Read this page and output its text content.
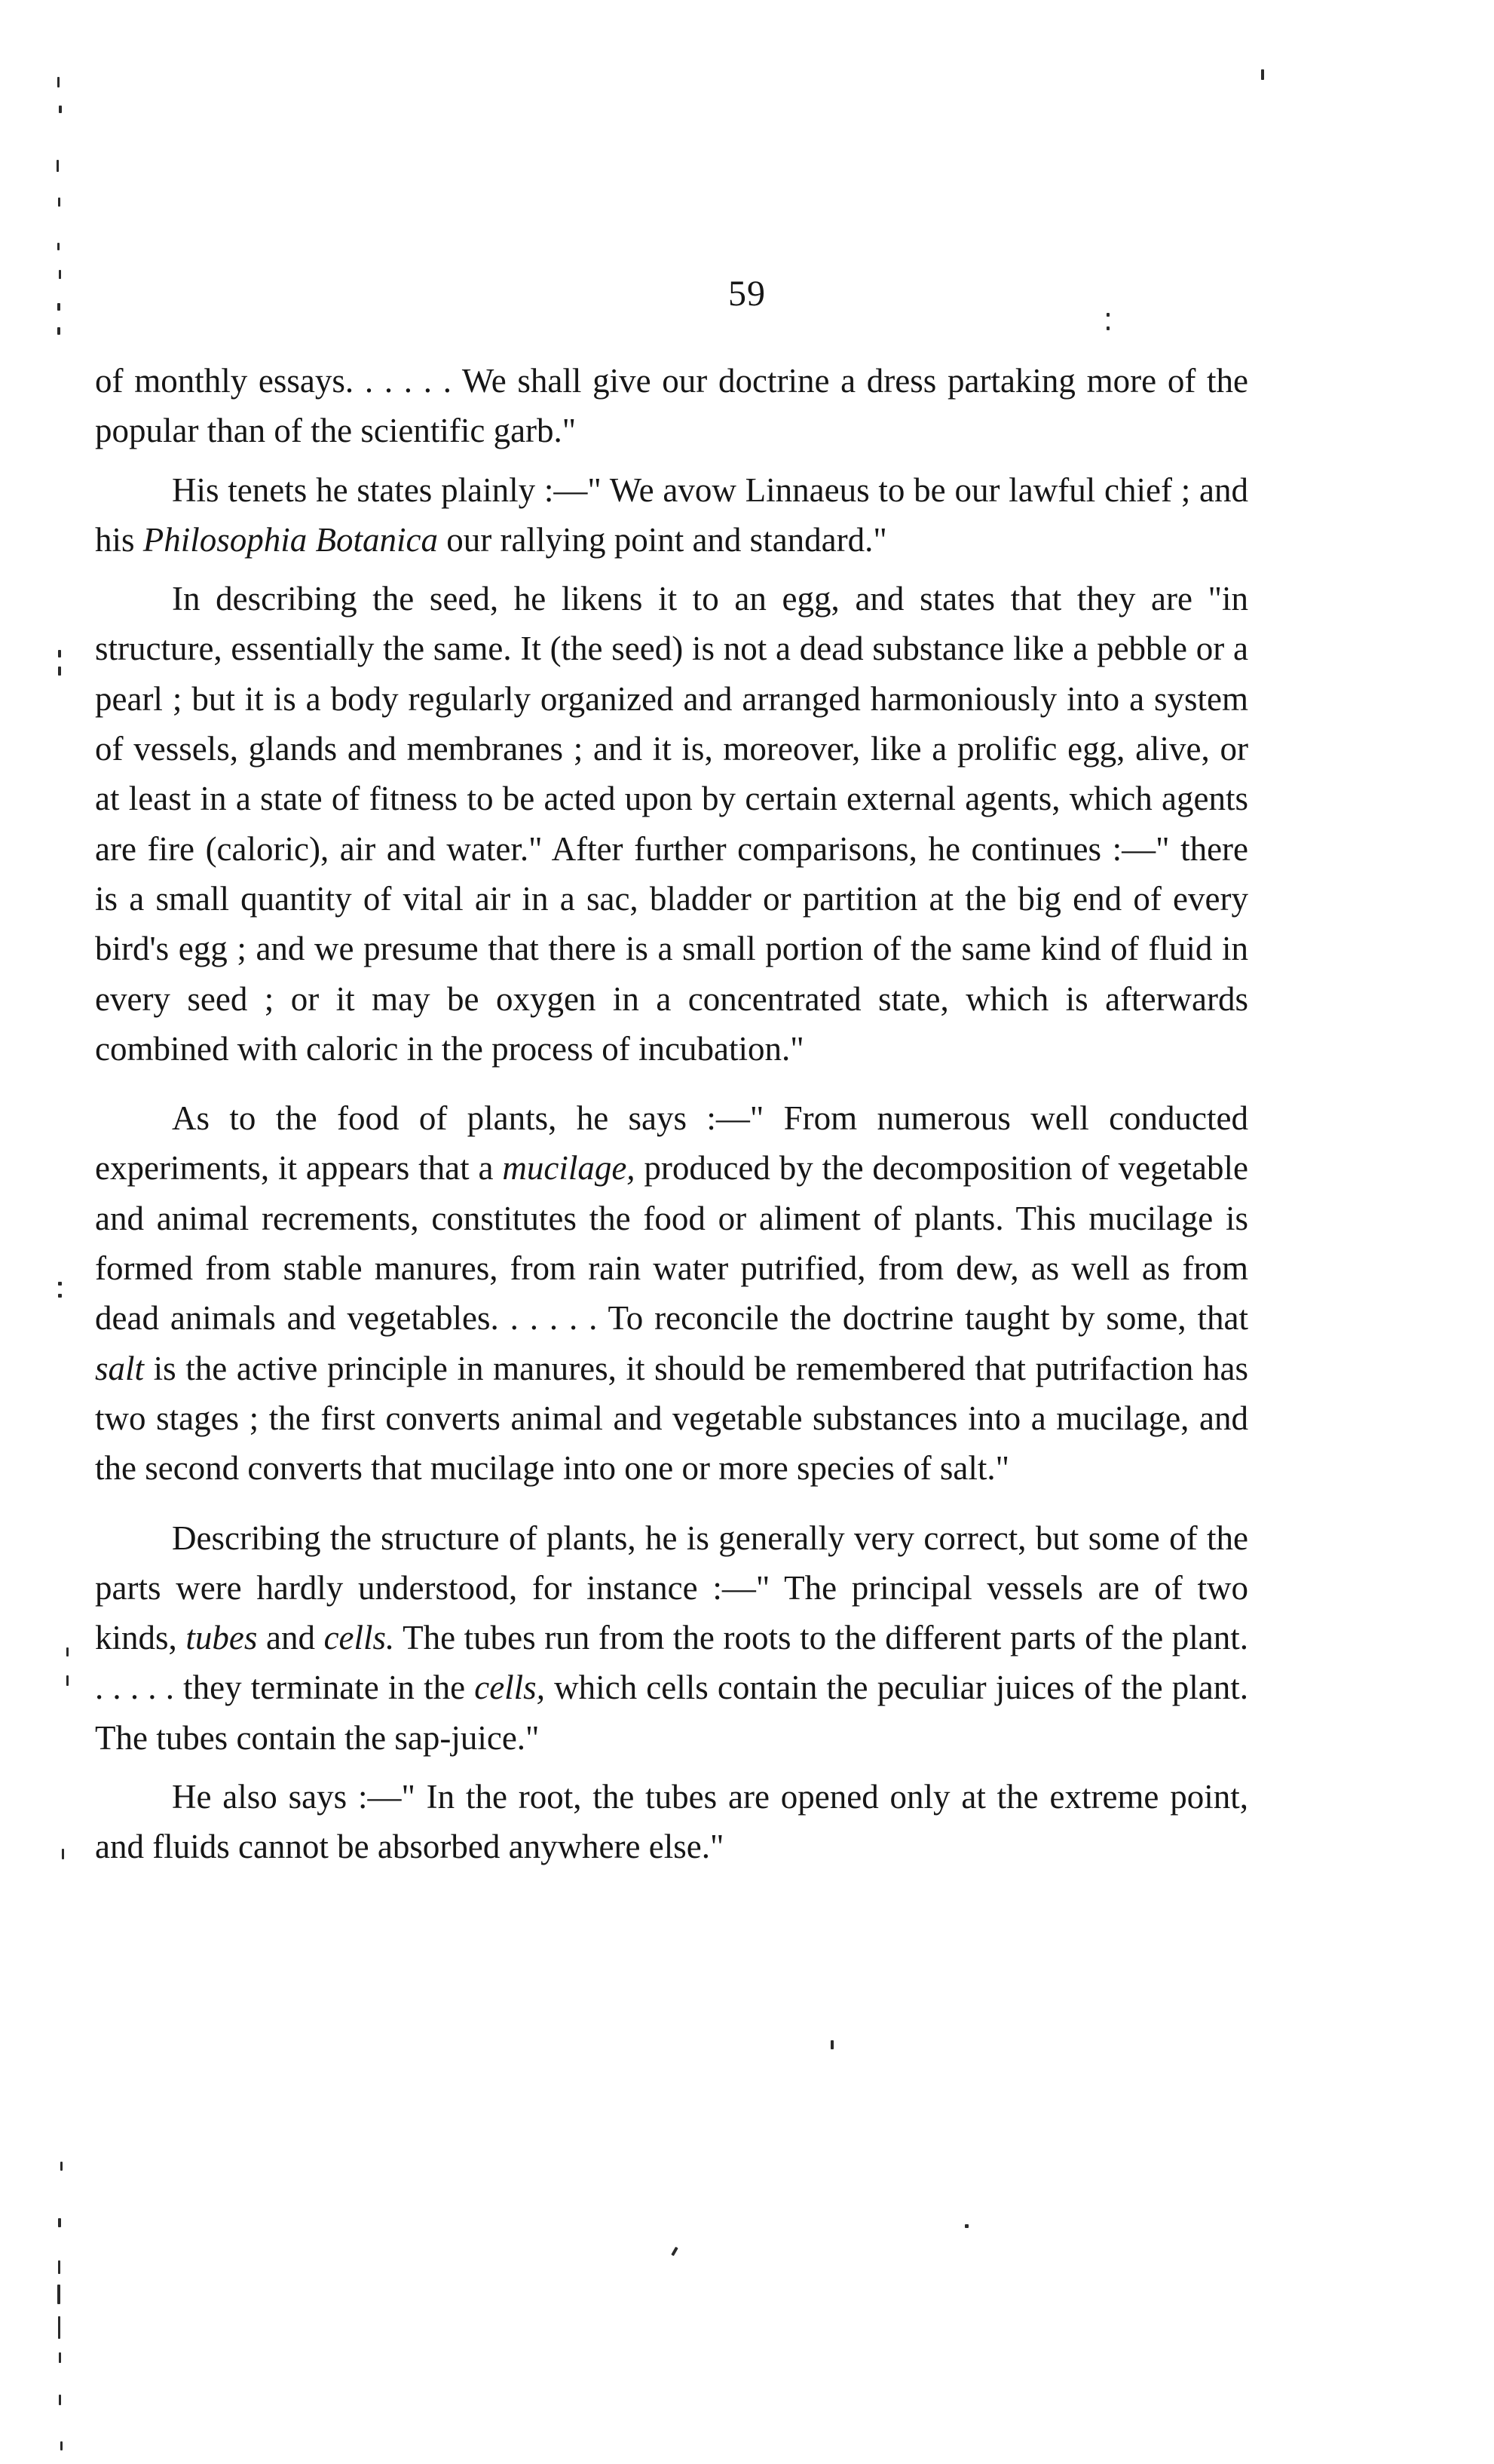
59

of monthly essays. . . . . . We shall give our doctrine a dress partaking more of the popular than of the scientific garb."

His tenets he states plainly :—" We avow Linnaeus to be our lawful chief ; and his Philosophia Botanica our rallying point and standard."

In describing the seed, he likens it to an egg, and states that they are "in structure, essentially the same. It (the seed) is not a dead substance like a pebble or a pearl ; but it is a body regularly organized and arranged harmoniously into a system of vessels, glands and membranes ; and it is, moreover, like a prolific egg, alive, or at least in a state of fitness to be acted upon by certain external agents, which agents are fire (caloric), air and water." After further comparisons, he continues :—" there is a small quantity of vital air in a sac, bladder or partition at the big end of every bird's egg ; and we presume that there is a small portion of the same kind of fluid in every seed ; or it may be oxygen in a concentrated state, which is afterwards combined with caloric in the process of incubation."

As to the food of plants, he says :—" From numerous well conducted experiments, it appears that a mucilage, produced by the decomposition of vegetable and animal recrements, constitutes the food or aliment of plants. This mucilage is formed from stable manures, from rain water putrified, from dew, as well as from dead animals and vegetables. . . . . . To reconcile the doctrine taught by some, that salt is the active principle in manures, it should be remembered that putrifaction has two stages ; the first converts animal and vegetable substances into a mucilage, and the second converts that mucilage into one or more species of salt."

Describing the structure of plants, he is generally very correct, but some of the parts were hardly understood, for instance :—" The principal vessels are of two kinds, tubes and cells. The tubes run from the roots to the different parts of the plant. . . . . . they terminate in the cells, which cells contain the peculiar juices of the plant. The tubes contain the sap-juice."

He also says :—" In the root, the tubes are opened only at the extreme point, and fluids cannot be absorbed anywhere else."
